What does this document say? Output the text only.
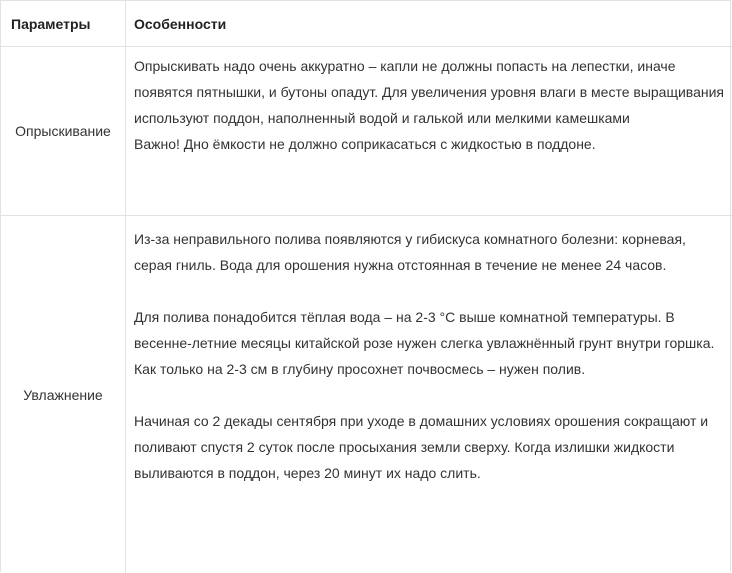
Параметры	Особенности
Опрыскивание

Опрыскивать надо очень аккуратно – капли не должны попасть на лепестки, иначе появятся пятнышки, и бутоны опадут. Для увеличения уровня влаги в месте выращивания используют поддон, наполненный водой и галькой или мелкими камешками
Важно! Дно ёмкости не должно соприкасаться с жидкостью в поддоне.

Увлажнение

Из-за неправильного полива появляются у гибискуса комнатного болезни: корневая, серая гниль. Вода для орошения нужна отстоянная в течение не менее 24 часов.

Для полива понадобится тёплая вода – на 2-3 °C выше комнатной температуры. В весенне-летние месяцы китайской розе нужен слегка увлажнённый грунт внутри горшка. Как только на 2-3 см в глубину просохнет почвосмесь – нужен полив.

Начиная со 2 декады сентября при уходе в домашних условиях орошения сокращают и поливают спустя 2 суток после просыхания земли сверху. Когда излишки жидкости выливаются в поддон, через 20 минут их надо слить.
